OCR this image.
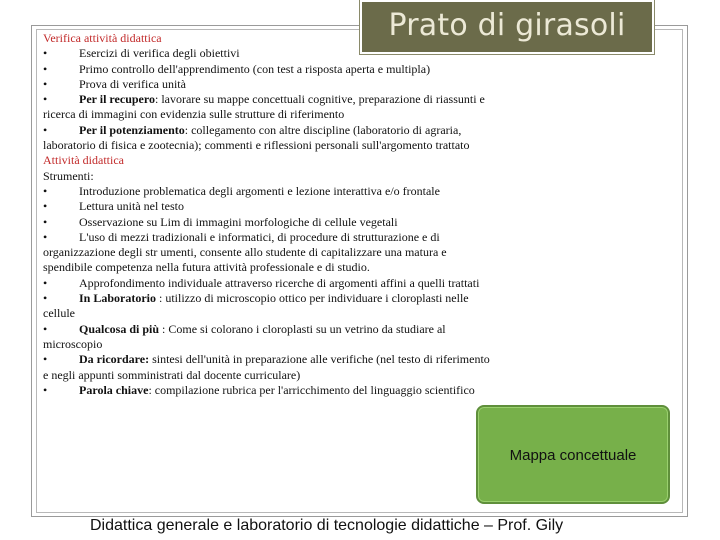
Prato di girasoli
Verifica attività didattica
•	Esercizi di verifica degli obiettivi
•	Primo controllo dell'apprendimento (con test a risposta aperta e multipla)
•	Prova di verifica unità
•	Per il recupero: lavorare su mappe concettuali cognitive, preparazione di riassunti e
ricerca di immagini con evidenzia sulle strutture di riferimento
•	Per il potenziamento: collegamento con altre discipline (laboratorio di agraria,
laboratorio di fisica e zootecnia); commenti e riflessioni personali sull'argomento trattato
Attività didattica
Strumenti:
•	Introduzione problematica degli argomenti e lezione interattiva e/o frontale
•	Lettura unità nel testo
•	Osservazione su Lim di immagini morfologiche di cellule vegetali
•	L'uso di mezzi tradizionali e informatici, di procedure di strutturazione e di
organizzazione degli str umenti, consente allo studente di capitalizzare una matura e
spendibile competenza nella futura attività professionale e di studio.
•	Approfondimento individuale attraverso ricerche di argomenti affini a quelli trattati
•	In Laboratorio : utilizzo di microscopio ottico per individuare i cloroplasti nelle
cellule
•	Qualcosa di più : Come si colorano i cloroplasti su un vetrino da studiare al
microscopio
•	Da ricordare: sintesi dell'unità in preparazione alle verifiche (nel testo di riferimento
e negli appunti somministrati dal docente curriculare)
•	Parola chiave: compilazione rubrica per l'arricchimento del linguaggio scientifico
Mappa concettuale
Didattica generale e laboratorio di tecnologie didattiche – Prof. Gily
